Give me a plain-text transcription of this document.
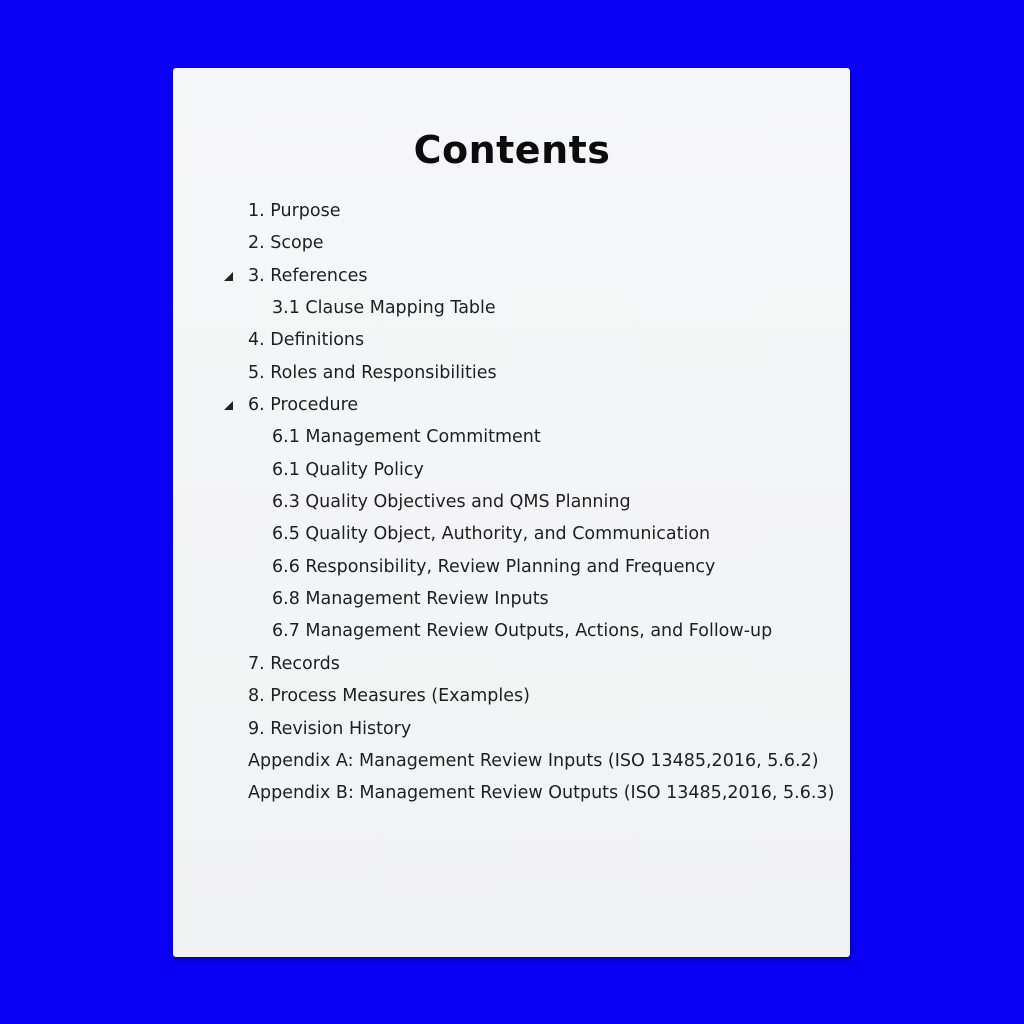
Contents
1. Purpose
2. Scope
3. References
3.1 Clause Mapping Table
4. Definitions
5. Roles and Responsibilities
6. Procedure
6.1 Management Commitment
6.1 Quality Policy
6.3 Quality Objectives and QMS Planning
6.5 Quality Object, Authority, and Communication
6.6 Responsibility, Review Planning and Frequency
6.8 Management Review Inputs
6.7 Management Review Outputs, Actions, and Follow-up
7. Records
8. Process Measures (Examples)
9. Revision History
Appendix A: Management Review Inputs (ISO 13485,2016, 5.6.2)
Appendix B: Management Review Outputs (ISO 13485,2016, 5.6.3)
